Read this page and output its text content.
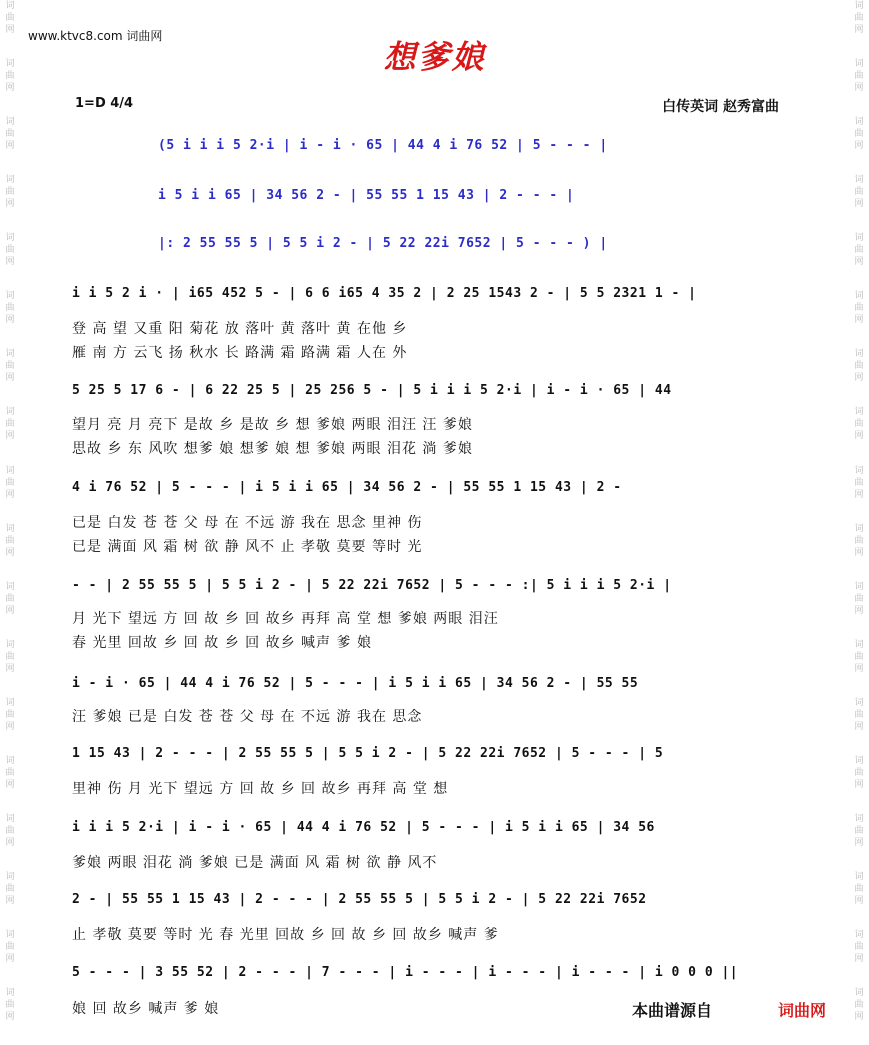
词
曲
网
词
曲
网
词
曲
网
词
曲
网
词
曲
网
词
曲
网
词
曲
网
词
曲
网
词
曲
网
词
曲
网
词
曲
网
词
曲
网
词
曲
网
词
曲
网
词
曲
网
词
曲
网
词
曲
网
词
曲
网
词
曲
网
词
曲
网
词
曲
网
词
曲
网
词
曲
网
词
曲
网
词
曲
网
词
曲
网
词
曲
网
词
曲
网
词
曲
网
词
曲
网
词
曲
网
词
曲
网
词
曲
网
词
曲
网
词
曲
网
词
曲
网
www.ktvc8.com 词曲网
想爹娘
1=D 4/4	白传英词 赵秀富曲
(5 i i i 5 2·i | i - i · 65 | 44 4 i 76 52 | 5 - - - |
i 5 i i 65 | 34 56 2 - | 55 55 1 15 43 | 2 - - - |
|: 2 55 55 5 | 5 5 i 2 - | 5 22 22i 7652 | 5 - - - ) |
i i 5 2 i · | i65 452 5 - | 6 6 i65 4 35 2 | 2 25 1543 2 - | 5 5 2321 1 - |
登 高 望 又重 阳 菊花 放 落叶 黄 落叶 黄 在他 乡
雁 南 方 云飞 扬 秋水 长 路满 霜 路满 霜 人在 外
5 25 5 17 6 - | 6 22 25 5 | 25 256 5 - | 5 i i i 5 2·i | i - i · 65 | 44
望月 亮 月 亮下 是故 乡 是故 乡 想 爹娘 两眼 泪汪 汪 爹娘
思故 乡 东 风吹 想爹 娘 想爹 娘 想 爹娘 两眼 泪花 淌 爹娘
4 i 76 52 | 5 - - - | i 5 i i 65 | 34 56 2 - | 55 55 1 15 43 | 2 -
已是 白发 苍 苍 父 母 在 不远 游 我在 思念 里神 伤
已是 满面 风 霜 树 欲 静 风不 止 孝敬 莫要 等时 光
- - | 2 55 55 5 | 5 5 i 2 - | 5 22 22i 7652 | 5 - - - :| 5 i i i 5 2·i |
月 光下 望远 方 回 故 乡 回 故乡 再拜 高 堂 想 爹娘 两眼 泪汪
春 光里 回故 乡 回 故 乡 回 故乡 喊声 爹 娘
i - i · 65 | 44 4 i 76 52 | 5 - - - | i 5 i i 65 | 34 56 2 - | 55 55
汪 爹娘 已是 白发 苍 苍 父 母 在 不远 游 我在 思念
1 15 43 | 2 - - - | 2 55 55 5 | 5 5 i 2 - | 5 22 22i 7652 | 5 - - - | 5
里神 伤 月 光下 望远 方 回 故 乡 回 故乡 再拜 高 堂 想
i i i 5 2·i | i - i · 65 | 44 4 i 76 52 | 5 - - - | i 5 i i 65 | 34 56
爹娘 两眼 泪花 淌 爹娘 已是 满面 风 霜 树 欲 静 风不
2 - | 55 55 1 15 43 | 2 - - - | 2 55 55 5 | 5 5 i 2 - | 5 22 22i 7652
止 孝敬 莫要 等时 光 春 光里 回故 乡 回 故 乡 回 故乡 喊声 爹
5 - - - | 3 55 52 | 2 - - - | 7 - - - | i - - - | i - - - | i - - - | i 0 0 0 ||
娘 回 故乡 喊声 爹 娘	本曲谱源自	词曲网
